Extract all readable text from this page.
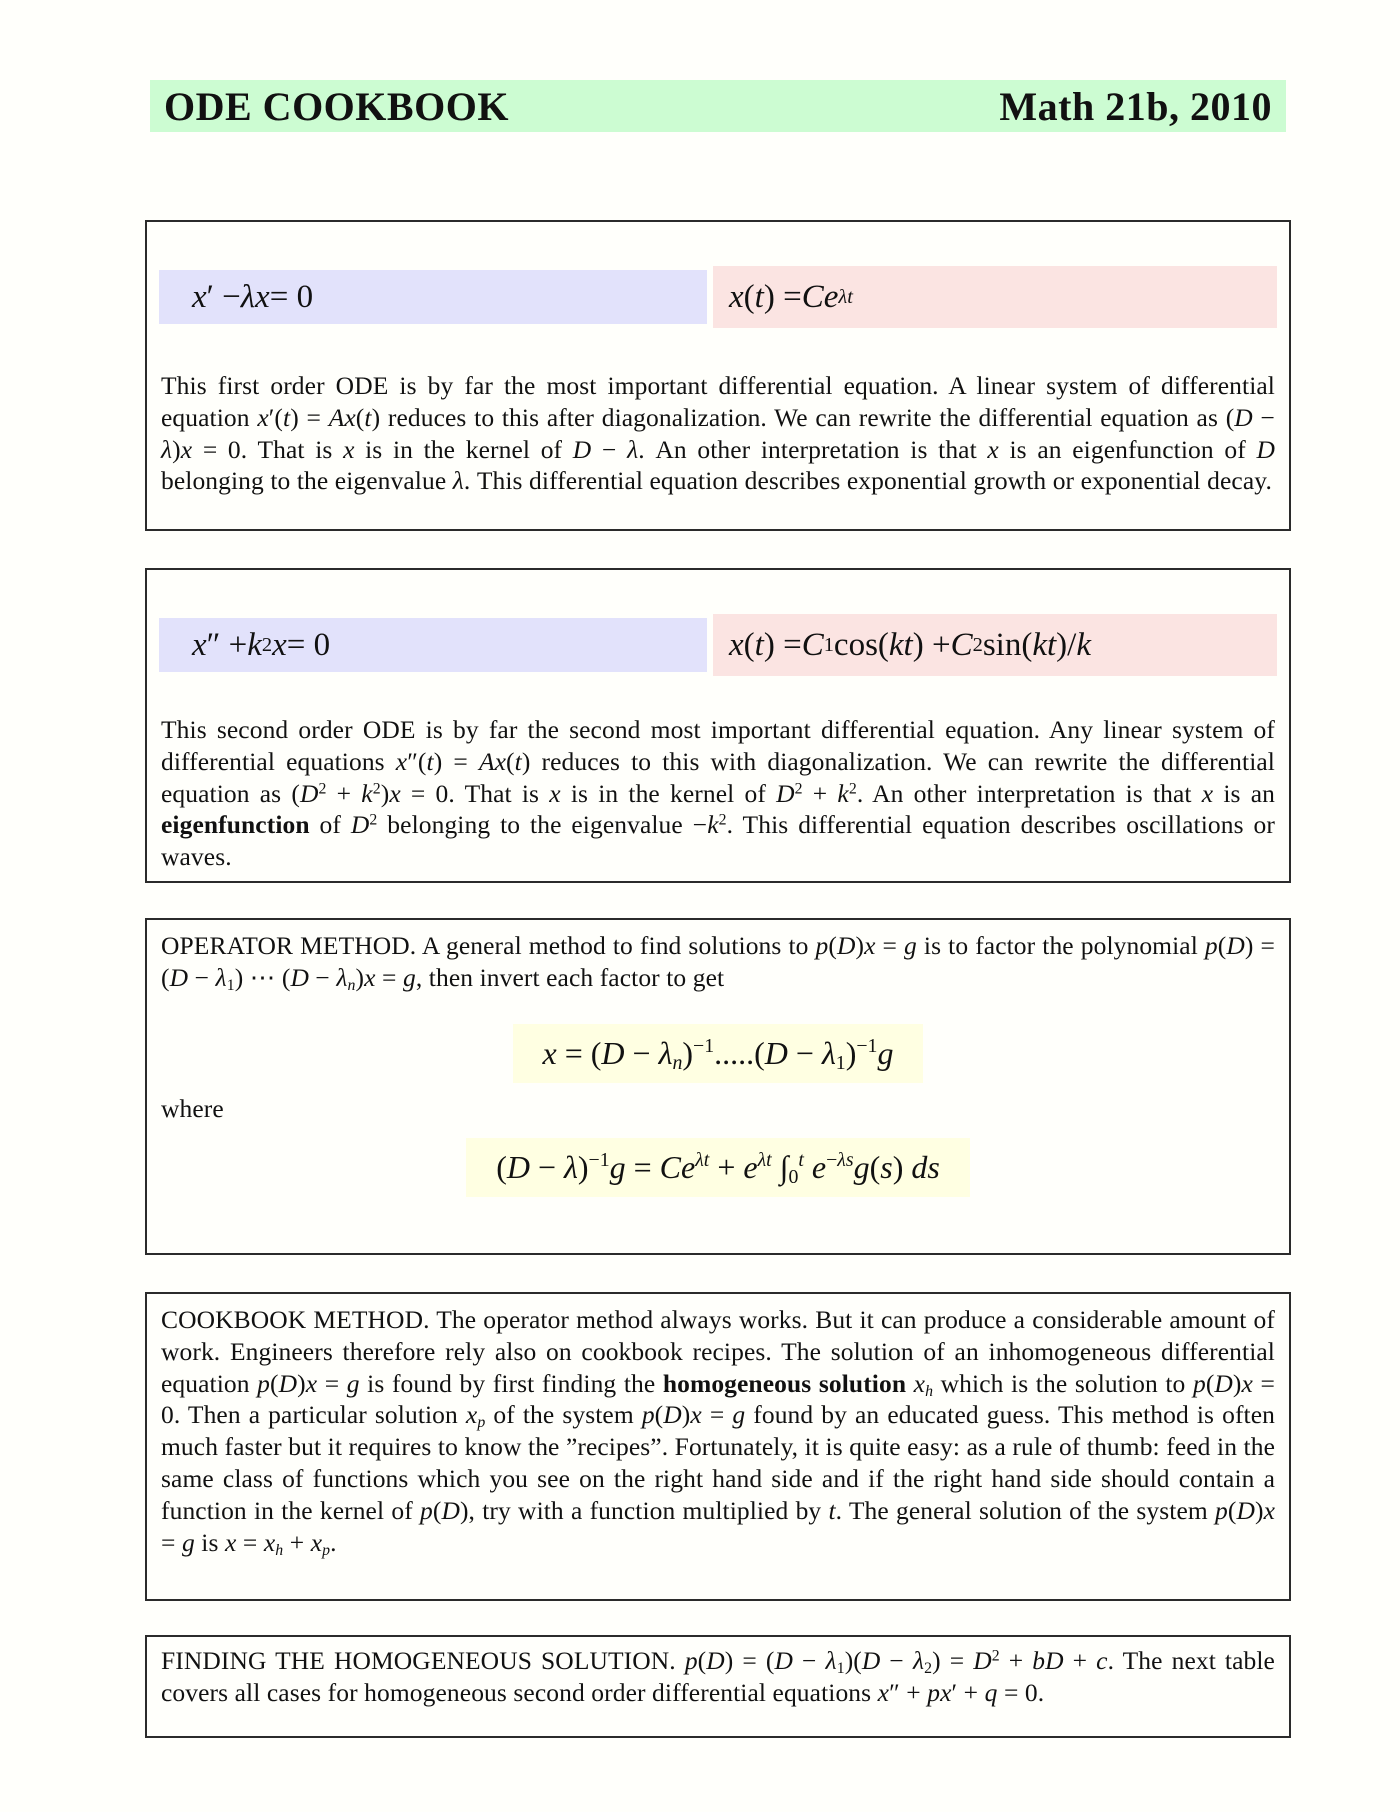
ODE COOKBOOK	Math 21b, 2010
x ′ − λx = 0	x ( t ) = Ce λt

This first order ODE is by far the most important differential equation. A linear system of differential equation x′(t) = Ax(t) reduces to this after diagonalization. We can rewrite the differential equation as (D − λ)x = 0. That is x is in the kernel of D − λ. An other interpretation is that x is an eigenfunction of D belonging to the eigenvalue λ. This differential equation describes exponential growth or exponential decay.

x ″ + k 2 x = 0	x ( t ) = C 1 cos( kt ) + C 2 sin( kt )/ k

This second order ODE is by far the second most important differential equation. Any linear system of differential equations x″(t) = Ax(t) reduces to this with diagonalization. We can rewrite the differential equation as $(D^2 + k^2)x = 0$. That is x is in the kernel of $D^2 + k^2$. An other interpretation is that x is an eigenfunction of $D^2$ belonging to the eigenvalue $-k^2$. This differential equation describes oscillations or waves.

OPERATOR METHOD. A general method to find solutions to p(D)x = g is to factor the polynomial $p(D) = (D - \lambda_1)$ ⋯ $(D - \lambda_n)x = g$, then invert each factor to get

$x = (D - \lambda_n)^{-1}.....(D - \lambda_1)^{-1}g$

where

$(D - \lambda)^{-1}g = Ce^{\lambda t} + e^{\lambda t}$ $\int_0^t$ $e^{-\lambda s}g(s)$ ds

COOKBOOK METHOD. The operator method always works. But it can produce a considerable amount of work. Engineers therefore rely also on cookbook recipes. The solution of an inhomogeneous differential equation p(D)x = g is found by first finding the homogeneous solution $x_h$ which is the solution to p(D)x = 0. Then a particular solution $x_p$ of the system p(D)x = g found by an educated guess. This method is often much faster but it requires to know the ”recipes”. Fortunately, it is quite easy: as a rule of thumb: feed in the same class of functions which you see on the right hand side and if the right hand side should contain a function in the kernel of p(D), try with a function multiplied by t. The general solution of the system p(D)x = g is $x = x_h + x_p$.

FINDING THE HOMOGENEOUS SOLUTION. $p(D) = (D - \lambda_1)(D - \lambda_2) = D^2$ + bD + c. The next table covers all cases for homogeneous second order differential equations x″ + px′ + q = 0.
